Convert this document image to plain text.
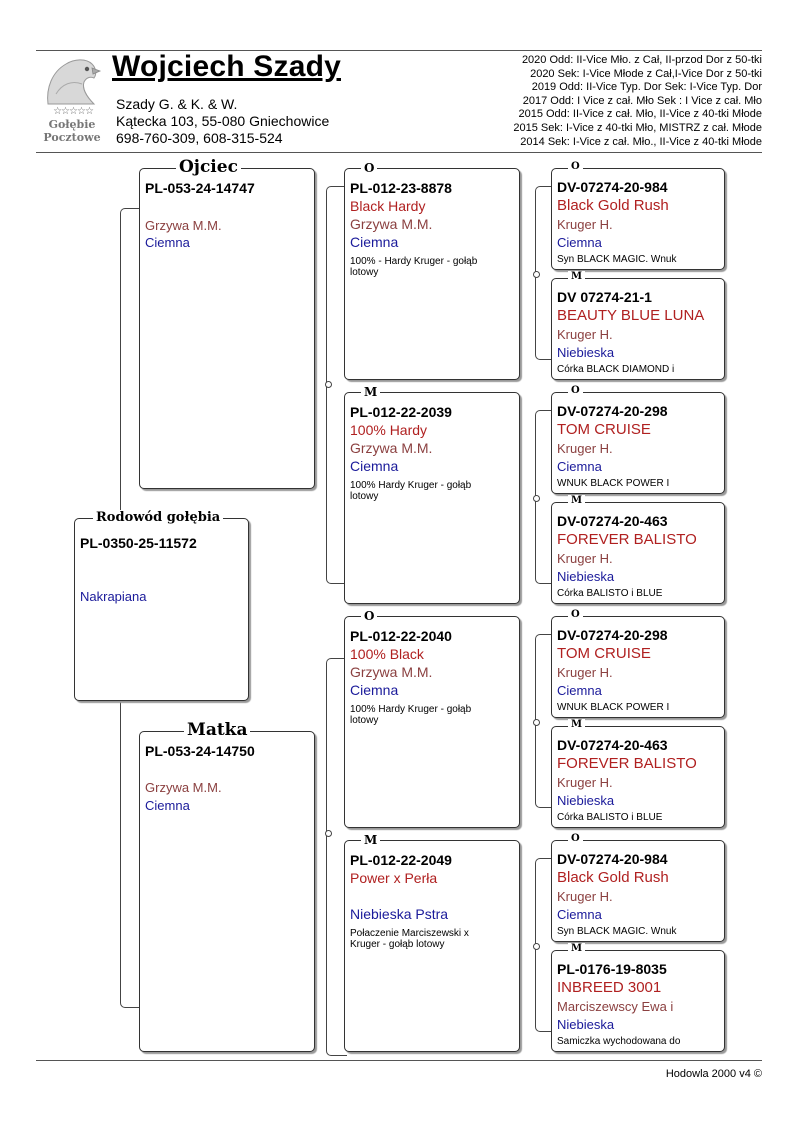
☆☆☆☆☆
Gołębie
Pocztowe
Wojciech Szady
Szady G. & K. & W.
Kątecka 103, 55-080 Gniechowice
698-760-309, 608-315-524
2020 Odd: II-Vice Mło. z Cał, II-przod Dor z 50-tki
2020 Sek: I-Vice Młode z Cał,I-Vice Dor z 50-tki
2019 Odd: II-Vice Typ. Dor Sek: I-Vice Typ. Dor
2017 Odd: I Vice z cał. Mło Sek : I Vice z cał. Mło
2015 Odd: II-Vice z cał. Mło, II-Vice z 40-tki Młode
2015 Sek: I-Vice z 40-tki Mło, MISTRZ z cał. Młode
2014 Sek: I-Vice z cał. Mło., II-Vice z 40-tki Młode
Rodowód gołębia
PL-0350-25-11572
Nakrapiana
Ojciec
PL-053-24-14747
Grzywa M.M.
Ciemna
Matka
PL-053-24-14750
Grzywa M.M.
Ciemna
O
PL-012-23-8878
Black Hardy
Grzywa M.M.
Ciemna
100% - Hardy Kruger - gołąb
lotowy
M
PL-012-22-2039
100% Hardy
Grzywa M.M.
Ciemna
100% Hardy Kruger - gołąb
lotowy
O
PL-012-22-2040
100% Black
Grzywa M.M.
Ciemna
100% Hardy Kruger - gołąb
lotowy
M
PL-012-22-2049
Power x Perła
Niebieska Pstra
Połaczenie Marciszewski x
Kruger - gołąb lotowy
O
DV-07274-20-984
Black Gold Rush
Kruger H.
Ciemna
Syn BLACK MAGIC. Wnuk
M
DV 07274-21-1
BEAUTY BLUE LUNA
Kruger H.
Niebieska
Córka BLACK DIAMOND i
O
DV-07274-20-298
TOM CRUISE
Kruger H.
Ciemna
WNUK BLACK POWER I
M
DV-07274-20-463
FOREVER BALISTO
Kruger H.
Niebieska
Córka BALISTO i BLUE
O
DV-07274-20-298
TOM CRUISE
Kruger H.
Ciemna
WNUK BLACK POWER I
M
DV-07274-20-463
FOREVER BALISTO
Kruger H.
Niebieska
Córka BALISTO i BLUE
O
DV-07274-20-984
Black Gold Rush
Kruger H.
Ciemna
Syn BLACK MAGIC. Wnuk
M
PL-0176-19-8035
INBREED 3001
Marciszewscy Ewa i
Niebieska
Samiczka wychodowana do
Hodowla 2000 v4 ©
